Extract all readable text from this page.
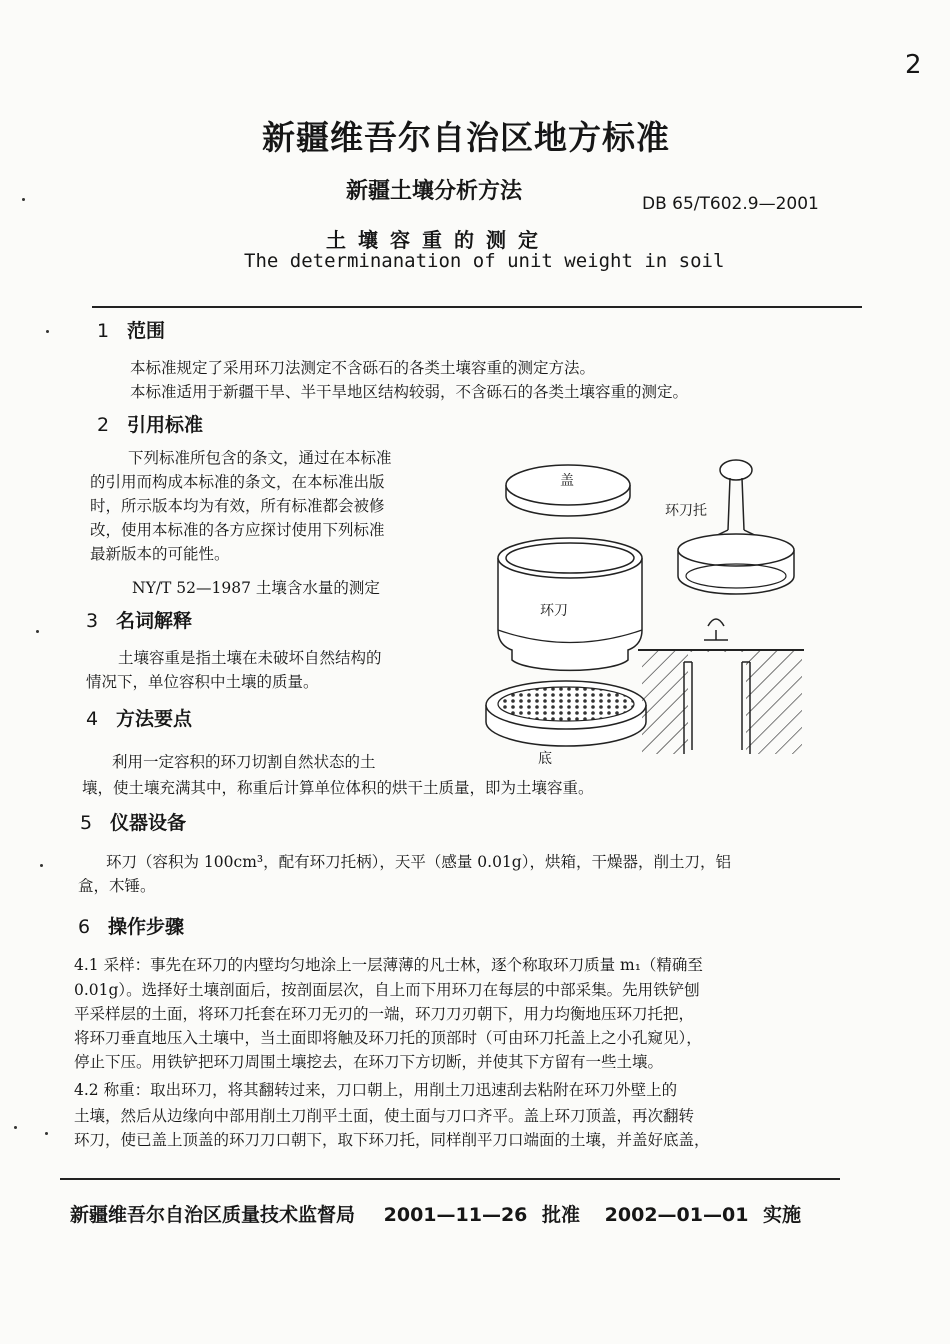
2
新疆维吾尔自治区地方标准
新疆土壤分析方法	DB 65/T602.9—2001
土壤容重的测定
The determinanation of unit weight in soil
1 范围
本标准规定了采用环刀法测定不含砾石的各类土壤容重的测定方法。
本标准适用于新疆干旱、半干旱地区结构较弱，不含砾石的各类土壤容重的测定。
2 引用标准
下列标准所包含的条文，通过在本标准
的引用而构成本标准的条文，在本标准出版
时，所示版本均为有效，所有标准都会被修
改，使用本标准的各方应探讨使用下列标准
最新版本的可能性。
NY/T 52—1987 土壤含水量的测定
3 名词解释
土壤容重是指土壤在未破坏自然结构的
情况下，单位容积中土壤的质量。
4 方法要点
利用一定容积的环刀切割自然状态的土
壤，使土壤充满其中，称重后计算单位体积的烘干土质量，即为土壤容重。
5 仪器设备
环刀（容积为 100cm³，配有环刀托柄），天平（感量 0.01g），烘箱，干燥器，削土刀，铝
盒，木锤。
6 操作步骤
4.1 采样：事先在环刀的内壁均匀地涂上一层薄薄的凡士林，逐个称取环刀质量 m₁（精确至
0.01g）。选择好土壤剖面后，按剖面层次，自上而下用环刀在每层的中部采集。先用铁铲刨
平采样层的土面，将环刀托套在环刀无刃的一端，环刀刀刃朝下，用力均衡地压环刀托把，
将环刀垂直地压入土壤中，当土面即将触及环刀托的顶部时（可由环刀托盖上之小孔窥见），
停止下压。用铁铲把环刀周围土壤挖去，在环刀下方切断，并使其下方留有一些土壤。
4.2 称重：取出环刀，将其翻转过来，刀口朝上，用削土刀迅速刮去粘附在环刀外壁上的
土壤，然后从边缘向中部用削土刀削平土面，使土面与刀口齐平。盖上环刀顶盖，再次翻转
环刀，使已盖上顶盖的环刀刀口朝下，取下环刀托，同样削平刀口端面的土壤，并盖好底盖，
新疆维吾尔自治区质量技术监督局 2001—11—26 批准 2002—01—01 实施
盖
环刀托
环刀
底
